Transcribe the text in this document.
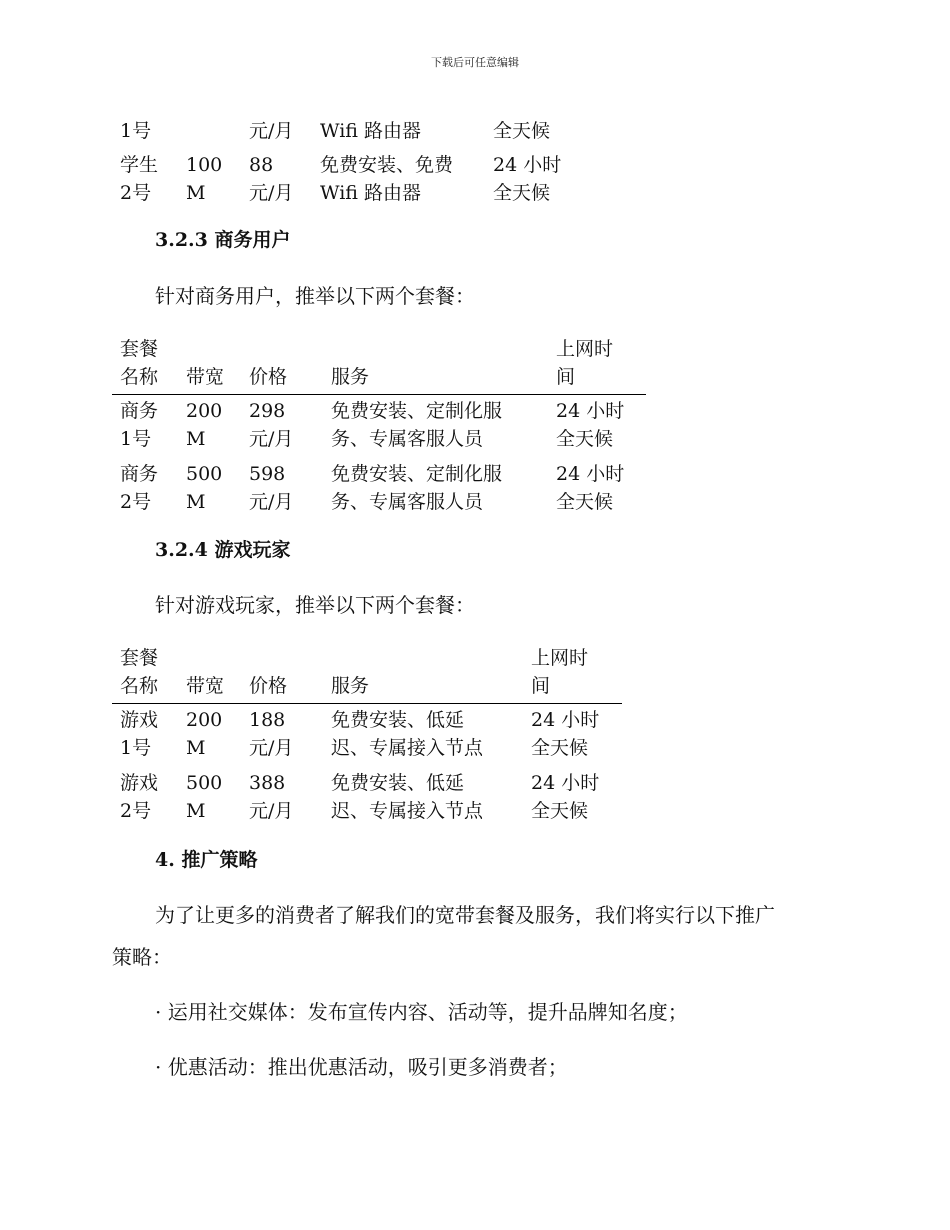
下载后可任意编辑
1号	元/月 Wifi 路由器	全天候
学生
2号
100
M
88
元/月
免费安装、免费
Wifi 路由器
24 小时
全天候
3.2.3 商务用户
针对商务用户，推举以下两个套餐：
套餐
名称 带宽 价格 服务
上网时
间
商务
1号
200
M
298
元/月
免费安装、定制化服
务、专属客服人员
24 小时
全天候
商务
2号
500
M
598
元/月
免费安装、定制化服
务、专属客服人员
24 小时
全天候
3.2.4 游戏玩家
针对游戏玩家，推举以下两个套餐：
套餐
名称 带宽 价格 服务
上网时
间
游戏
1号
200
M
188
元/月
免费安装、低延
迟、专属接入节点
24 小时
全天候
游戏
2号
500
M
388
元/月
免费安装、低延
迟、专属接入节点
24 小时
全天候
4. 推广策略
为了让更多的消费者了解我们的宽带套餐及服务，我们将实行以下推广
策略：
· 运用社交媒体：发布宣传内容、活动等，提升品牌知名度；
· 优惠活动：推出优惠活动，吸引更多消费者；
